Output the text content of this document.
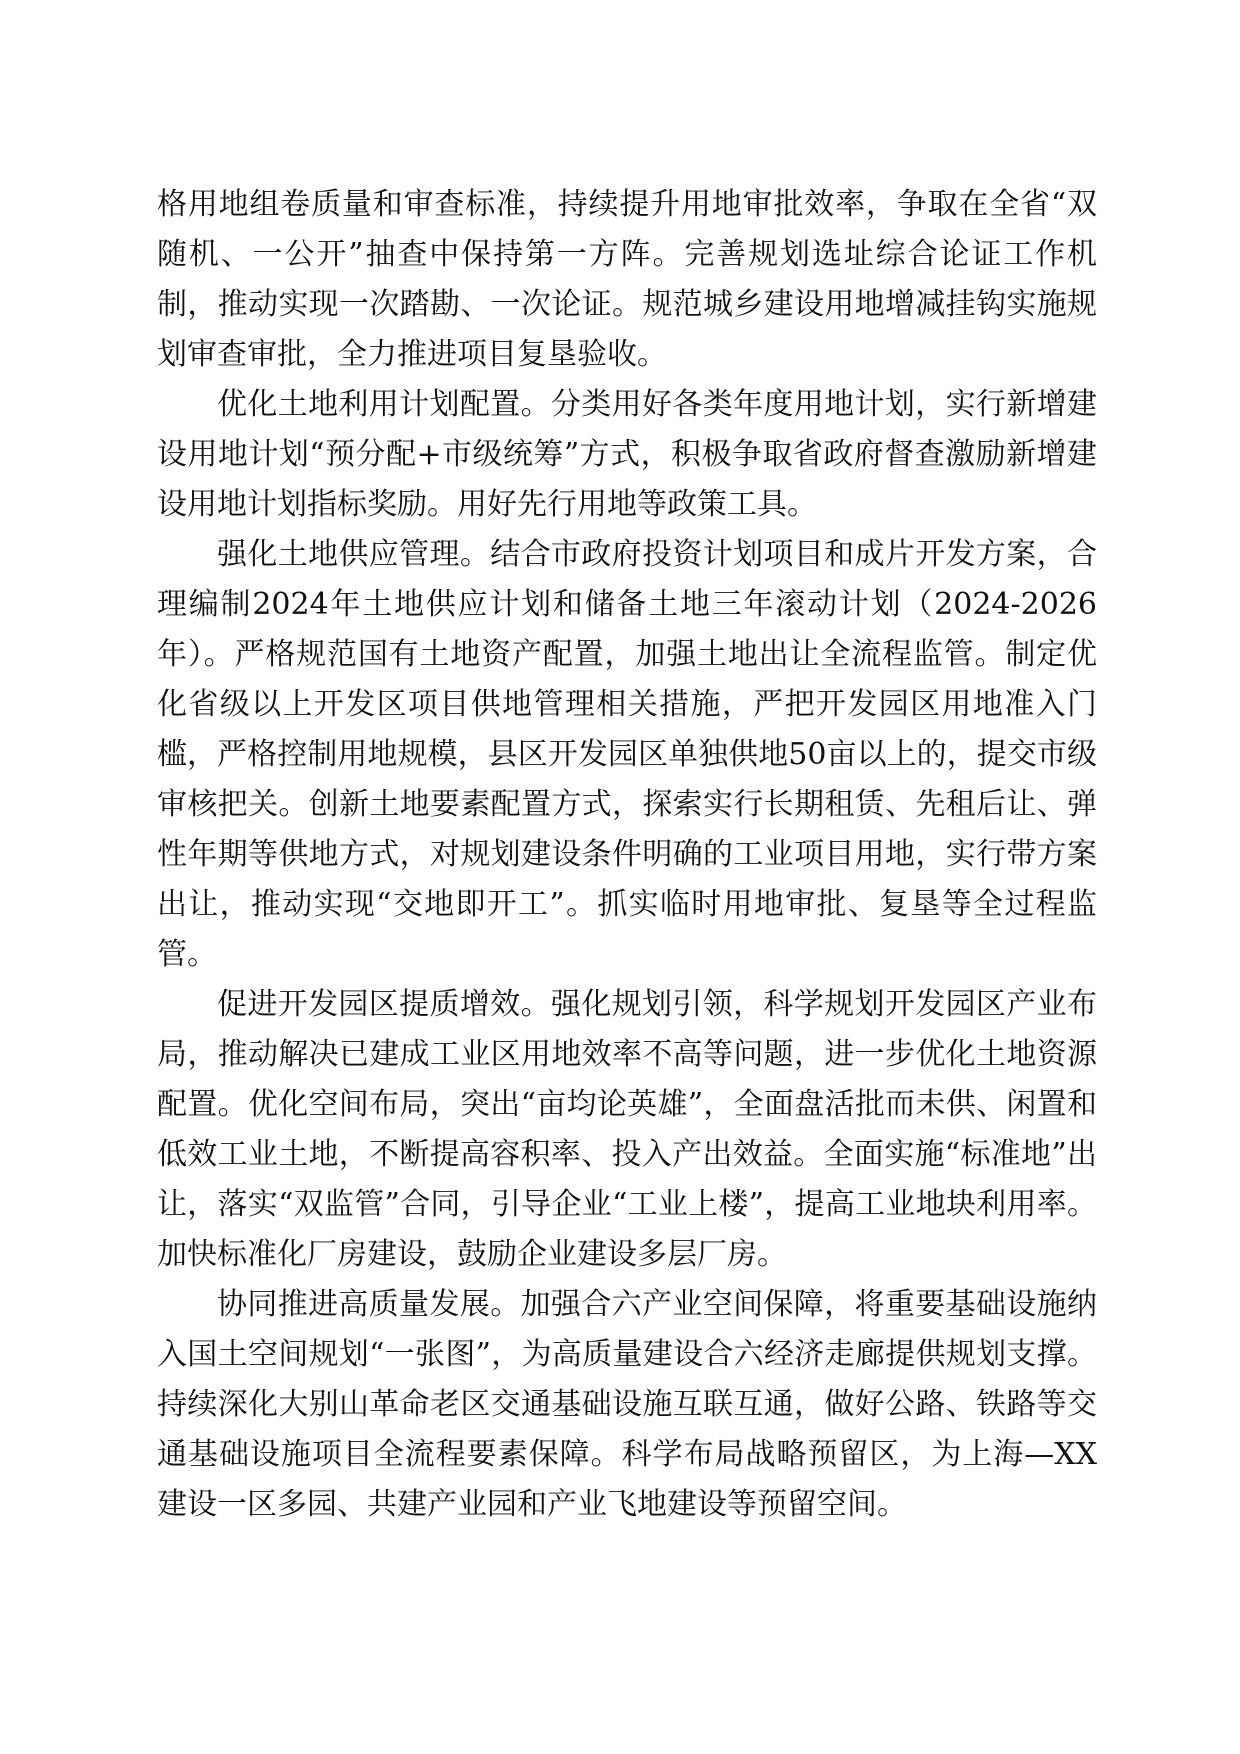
格用地组卷质量和审查标准，持续提升用地审批效率，争取在全省“双随机、一公开”抽查中保持第一方阵。完善规划选址综合论证工作机制，推动实现一次踏勘、一次论证。规范城乡建设用地增减挂钩实施规划审查审批，全力推进项目复垦验收。

优化土地利用计划配置。分类用好各类年度用地计划，实行新增建设用地计划“预分配+市级统筹”方式，积极争取省政府督查激励新增建设用地计划指标奖励。用好先行用地等政策工具。

强化土地供应管理。结合市政府投资计划项目和成片开发方案，合理编制2024年土地供应计划和储备土地三年滚动计划（2024-2026年）。严格规范国有土地资产配置，加强土地出让全流程监管。制定优化省级以上开发区项目供地管理相关措施，严把开发园区用地准入门槛，严格控制用地规模，县区开发园区单独供地50亩以上的，提交市级审核把关。创新土地要素配置方式，探索实行长期租赁、先租后让、弹性年期等供地方式，对规划建设条件明确的工业项目用地，实行带方案出让，推动实现“交地即开工”。抓实临时用地审批、复垦等全过程监管。

促进开发园区提质增效。强化规划引领，科学规划开发园区产业布局，推动解决已建成工业区用地效率不高等问题，进一步优化土地资源配置。优化空间布局，突出“亩均论英雄”，全面盘活批而未供、闲置和低效工业土地，不断提高容积率、投入产出效益。全面实施“标准地”出让，落实“双监管”合同，引导企业“工业上楼”，提高工业地块利用率。加快标准化厂房建设，鼓励企业建设多层厂房。

协同推进高质量发展。加强合六产业空间保障，将重要基础设施纳入国土空间规划“一张图”，为高质量建设合六经济走廊提供规划支撑。持续深化大别山革命老区交通基础设施互联互通，做好公路、铁路等交通基础设施项目全流程要素保障。科学布局战略预留区，为上海—XX建设一区多园、共建产业园和产业飞地建设等预留空间。
